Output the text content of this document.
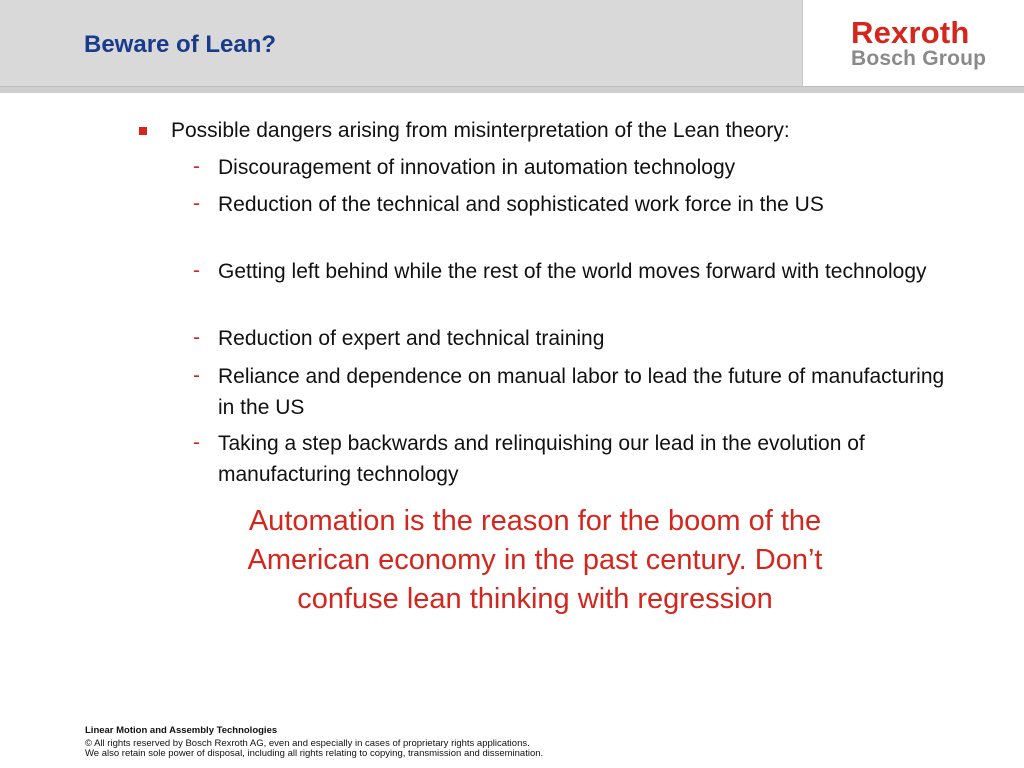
Beware of Lean?	Rexroth
Bosch Group
Possible dangers arising from misinterpretation of the Lean theory:
- Discouragement of innovation in automation technology
- Reduction of the technical and sophisticated work force in the US
- Getting left behind while the rest of the world moves forward with technology
- Reduction of expert and technical training
- Reliance and dependence on manual labor to lead the future of manufacturing in the US
- Taking a step backwards and relinquishing our lead in the evolution of manufacturing technology
Automation is the reason for the boom of the
American economy in the past century. Don’t
confuse lean thinking with regression
Linear Motion and Assembly Technologies
© All rights reserved by Bosch Rexroth AG, even and especially in cases of proprietary rights applications.
We also retain sole power of disposal, including all rights relating to copying, transmission and dissemination.
